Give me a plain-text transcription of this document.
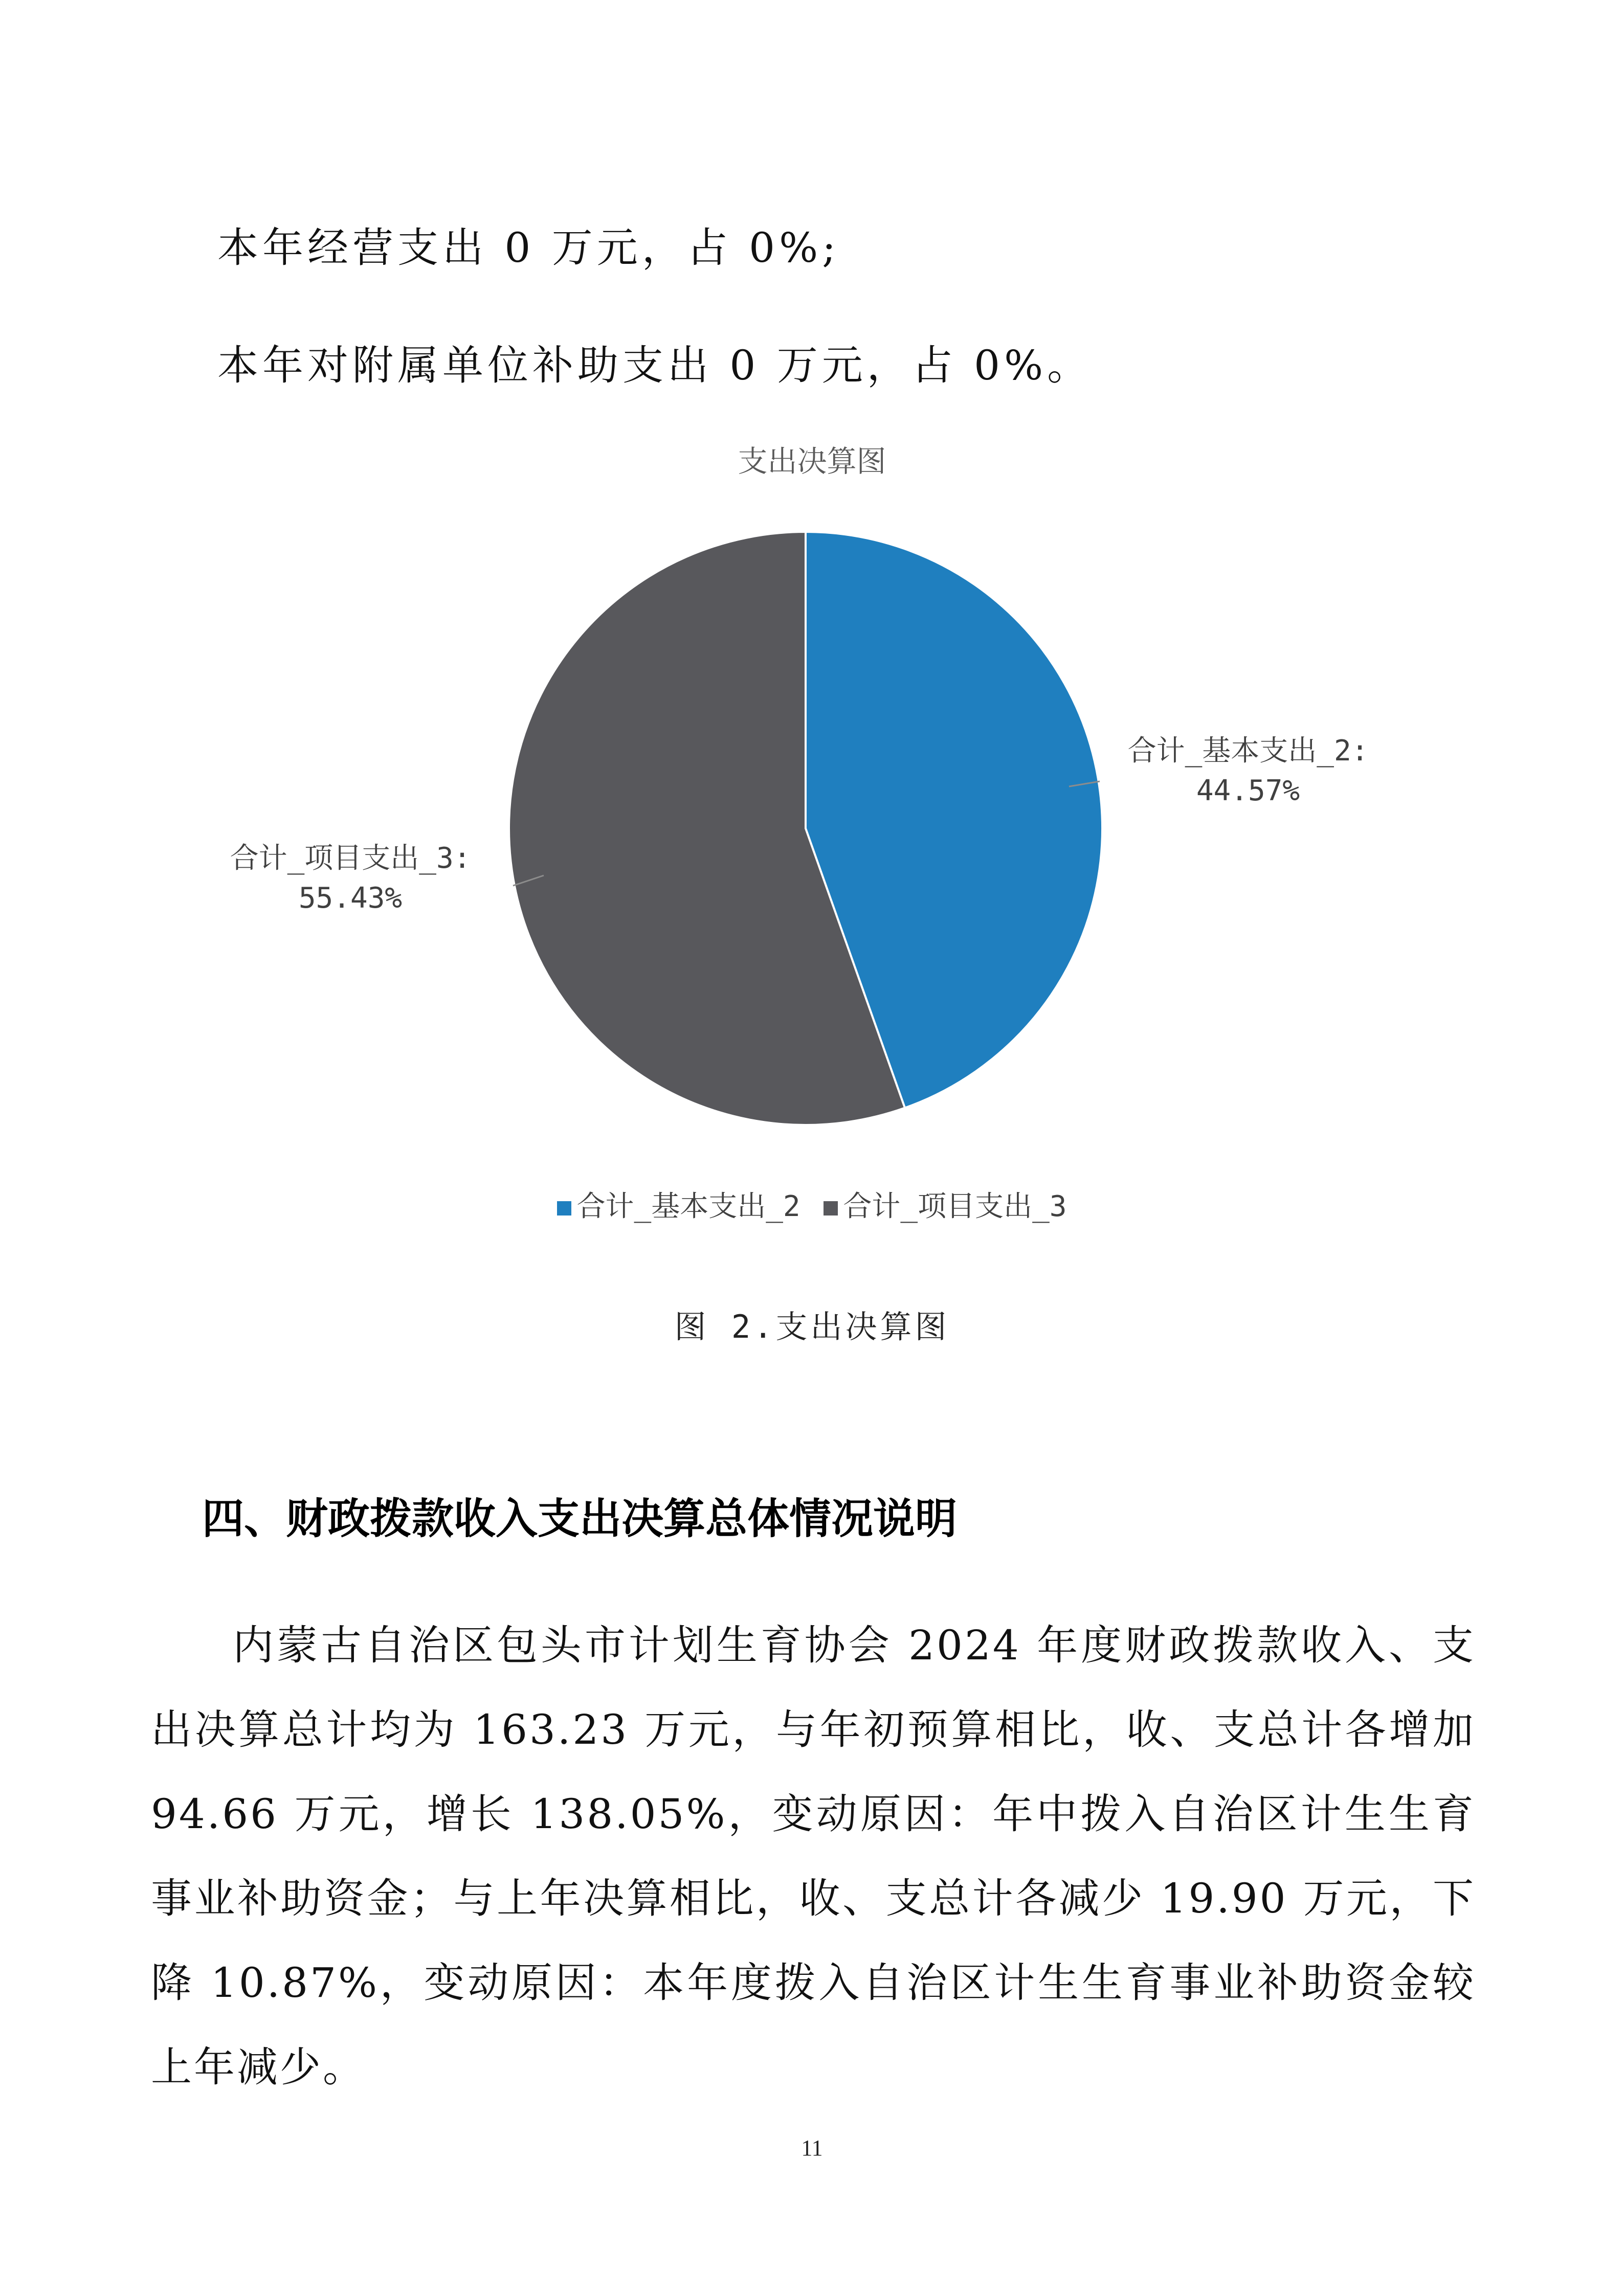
本年经营支出 0 万元，占 0%;

本年对附属单位补助支出 0 万元，占 0%。

支出决算图

合计_基本支出_2:
44.57%
合计_项目支出_3:
55.43%
合计_基本支出_2 合计_项目支出_3

图 2.支出决算图

四、财政拨款收入支出决算总体情况说明

内蒙古自治区包头市计划生育协会 2024 年度财政拨款收入、支出决算总计均为 163.23 万元，与年初预算相比，收、支总计各增加 94.66 万元，增长 138.05%，变动原因：年中拨入自治区计生生育事业补助资金；与上年决算相比，收、支总计各减少 19.90 万元，下降 10.87%，变动原因：本年度拨入自治区计生生育事业补助资金较上年减少。

11
